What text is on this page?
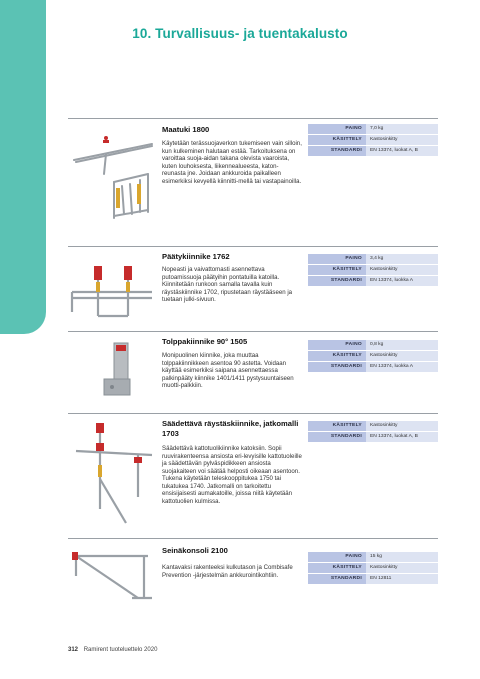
10. Turvallisuus- ja tuentakalusto
Maatuki 1800
Käytetään terässuojaverkon tukemiseen vain silloin, kun kulkeminen halutaan estää. Tarkoituksena on varoittaa suoja-aidan takana olevista vaaroista, kuten louhoksesta, liikennealueesta, katon-reunasta jne. Joidaan ankkuroida paikalleen esimerkiksi kevyellä kiinnitti-mellä tai vastapainoilla.
PAINO	7,0 kg
KÄSITTELY	Kastosinkitty
STANDARDI	EN 13374, luokat A, B
Päätykiinnike 1762
Nopeasti ja vaivattomasti asennettava putoamissuoja päätyihin pontatuilla katoilla. Kiinnitetään runkoon samalla tavalla kuin räystäskiinnike 1702, ripustetaan räystääseen ja tuetaan julki-sivuun.
PAINO	3,4 kg
KÄSITTELY	Kastosinkitty
STANDARDI	EN 13374, luokka A
Tolppakiinnike 90° 1505
Monipuolinen kiinnike, joka muuttaa tolppakiinnikkeen asentoa 90 astetta. Voidaan käyttää esimerkiksi saipana asennettaessa palkinpääty kiinnike 1401/1411 pystysuuntaiseen muotti-palkkiin.
PAINO	0,8 kg
KÄSITTELY	Kastosinkitty
STANDARDI	EN 13374, luokka A
Säädettävä räystäskiinnike, jatkomalli 1703
Säädettävä kattotuolikiinnike katoksiin. Sopii ruuvirakenteensa ansiosta eri-levyisille kattotuoleille ja säädettävän pylväspidikkeen ansiosta suojakaiteen voi säätää helposti oikeaan asentoon. Tukena käytetään teleskooppitukea 1750 tai tukatukea 1740. Jatkomalli on tarkoitettu ensisijaisesti aumakatoille, joissa niitä käytetään kattotuolien kulmissa.
KÄSITTELY	Kastosinkitty
STANDARDI	EN 13374, luokat A, B
Seinäkonsoli 2100
Kantavaksi rakenteeksi kulkutason ja Combisafe Prevention -järjestelmän ankkurointikohtiin.
PAINO	15 kg
KÄSITTELY	Kastosinkitty
STANDARDI	EN 12811
312 Ramirent tuoteluettelo 2020
